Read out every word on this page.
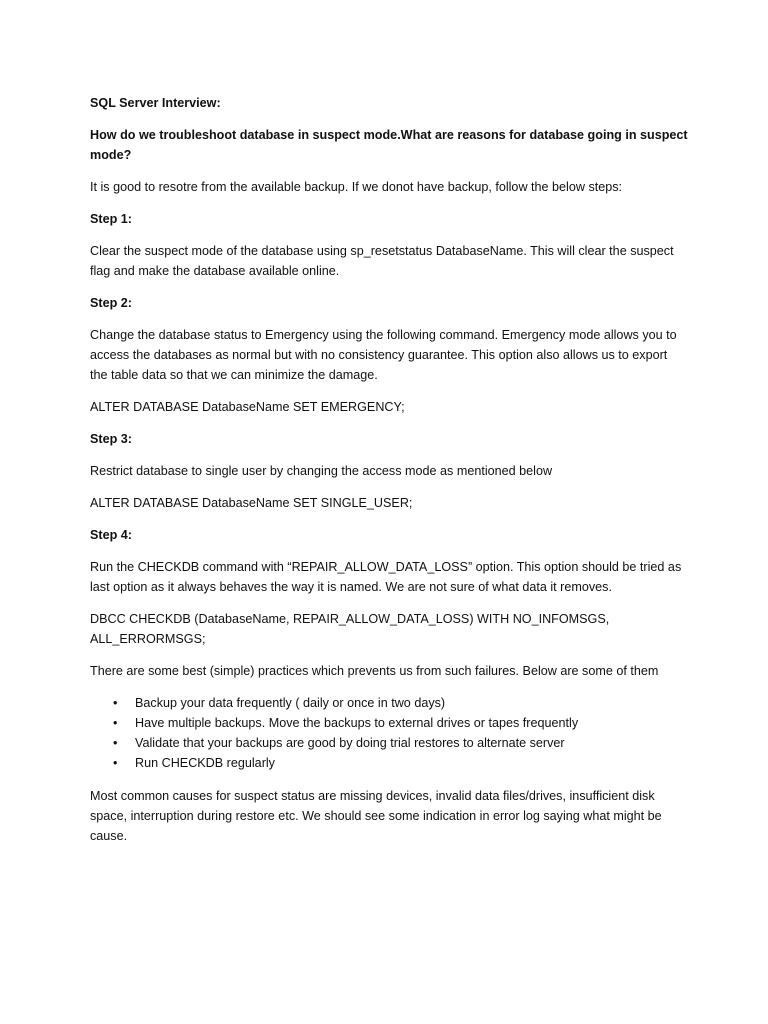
SQL Server Interview:

How do we troubleshoot database in suspect mode.What are reasons for database going in suspect mode?

It is good to resotre from the available backup. If we donot have backup, follow the below steps:

Step 1:

Clear the suspect mode of the database using sp_resetstatus DatabaseName. This will clear the suspect flag and make the database available online.

Step 2:

Change the database status to Emergency using the following command. Emergency mode allows you to access the databases as normal but with no consistency guarantee. This option also allows us to export the table data so that we can minimize the damage.

ALTER DATABASE DatabaseName SET EMERGENCY;

Step 3:

Restrict database to single user by changing the access mode as mentioned below

ALTER DATABASE DatabaseName SET SINGLE_USER;

Step 4:

Run the CHECKDB command with “REPAIR_ALLOW_DATA_LOSS” option. This option should be tried as last option as it always behaves the way it is named. We are not sure of what data it removes.

DBCC CHECKDB (DatabaseName, REPAIR_ALLOW_DATA_LOSS) WITH NO_INFOMSGS, ALL_ERRORMSGS;

There are some best (simple) practices which prevents us from such failures. Below are some of them

• Backup your data frequently ( daily or once in two days)
• Have multiple backups. Move the backups to external drives or tapes frequently
• Validate that your backups are good by doing trial restores to alternate server
• Run CHECKDB regularly

Most common causes for suspect status are missing devices, invalid data files/drives, insufficient disk space, interruption during restore etc. We should see some indication in error log saying what might be cause.
